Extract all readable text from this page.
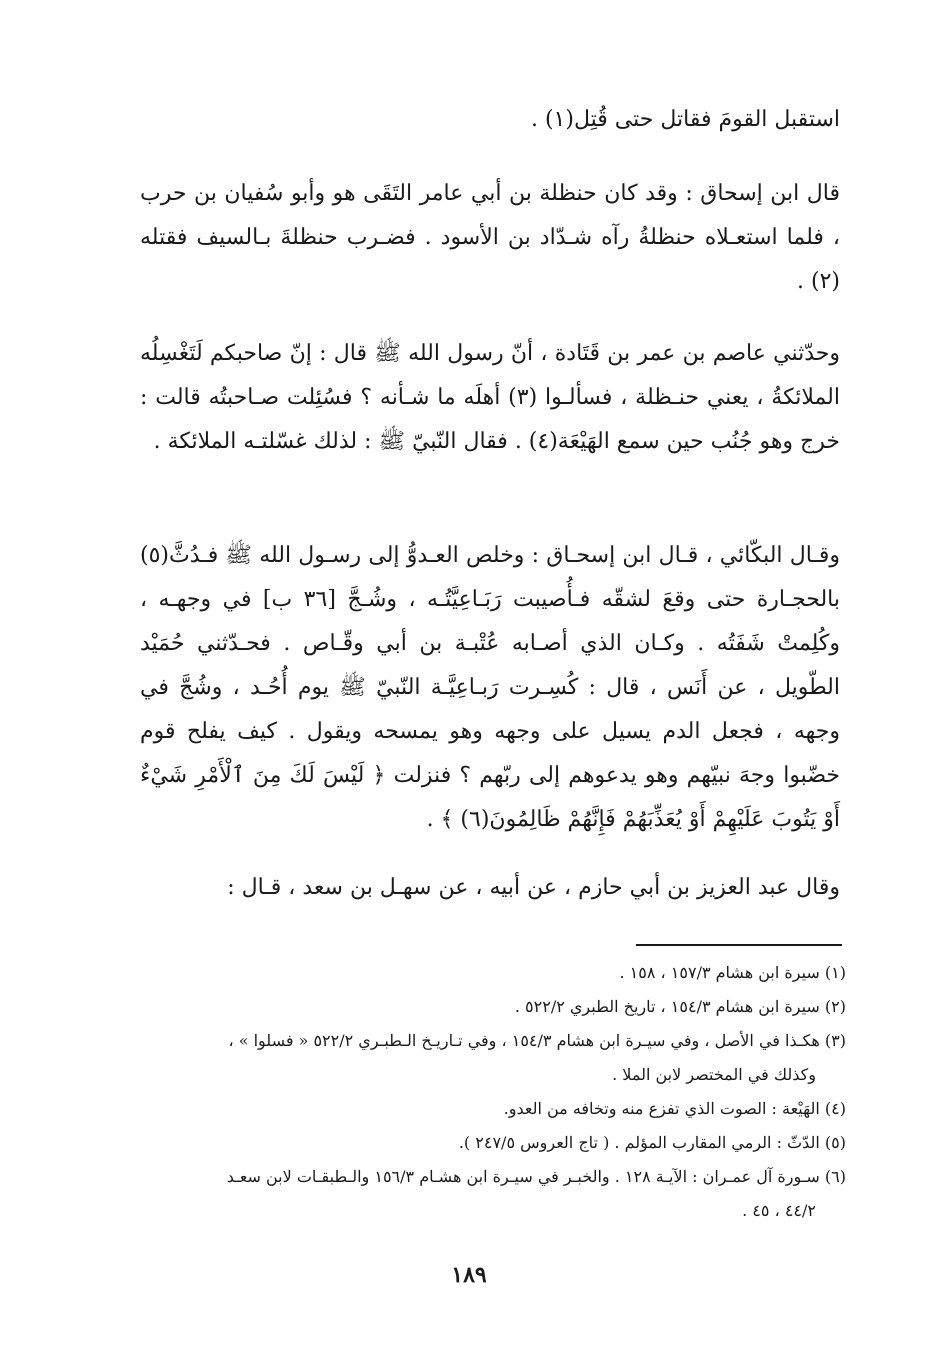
استقبل القومَ فقاتل حتى قُتِل(١) .

قال ابن إسحاق : وقد كان حنظلة بن أبي عامر التَقَى هو وأبو سُفيان بن حرب ، فلما استعـلاه حنظلةُ رآه شـدّاد بن الأسود . فضـرب حنظلةَ بـالسيف فقتله (٢) .

وحدّثني عاصم بن عمر بن قَتَادة ، أنّ رسول الله ﷺ قال : إنّ صاحبكم لَتَغْسِلُه الملائكةُ ، يعني حنـظلة ، فسألـوا (٣) أهلَه ما شـأنه ؟ فسُئِلت صـاحبتُه قالت : خرج وهو جُنُب حين سمع الهَيْعَة(٤) . فقال النّبيّ ﷺ : لذلك غسّلتـه الملائكة .

وقـال البكّائي ، قـال ابن إسحـاق : وخلص العـدوُّ إلى رسـول الله ﷺ فـدُثَّ(٥) بالحجـارة حتى وقعَ لشقّه فـأُصيبت رَبَـاعِيَّتُـه ، وشُـجَّ [٣٦ ب] في وجهـه ، وكُلِمتْ شَفَتُه . وكـان الذي أصـابه عُتْبـة بن أبي وقّـاص . فحـدّثني حُمَيْد الطّويل ، عن أَنَس ، قال : كُسِـرت رَبـاعِيَّـة النّبيّ ﷺ يوم أُحُـد ، وشُجَّ في وجهه ، فجعل الدم يسيل على وجهه وهو يمسحه ويقول . كيف يفلح قوم خضّبوا وجهَ نبيّهم وهو يدعوهم إلى ربّهم ؟ فنزلت ﴿ لَيْسَ لَكَ مِنَ ٱلْأَمْرِ شَيْءٌ أَوْ يَتُوبَ عَلَيْهِمْ أَوْ يُعَذِّبَهُمْ فَإِنَّهُمْ ظَالِمُونَ(٦) ﴾ .

وقال عبد العزيز بن أبي حازم ، عن أبيه ، عن سهـل بن سعد ، قـال :

(١) سيرة ابن هشام ١٥٧/٣ ، ١٥٨ .
(٢) سيرة ابن هشام ١٥٤/٣ ، تاريخ الطبري ٥٢٢/٢ .
(٣) هكـذا في الأصل ، وفي سيـرة ابن هشام ١٥٤/٣ ، وفي تـاريـخ الـطبـري ٥٢٢/٢ « فسلوا » ،
وكذلك في المختصر لابن الملا .
(٤) الهَيْعة : الصوت الذي تفزع منه وتخافه من العدو.
(٥) الدّثّ : الرمي المقارب المؤلم . ( تاج العروس ٢٤٧/٥ ).
(٦) سـورة آل عمـران : الآيـة ١٢٨ . والخبـر في سيـرة ابن هشـام ١٥٦/٣ والـطبقـات لابن سعـد
٤٤/٢ ، ٤٥ .
١٨٩
